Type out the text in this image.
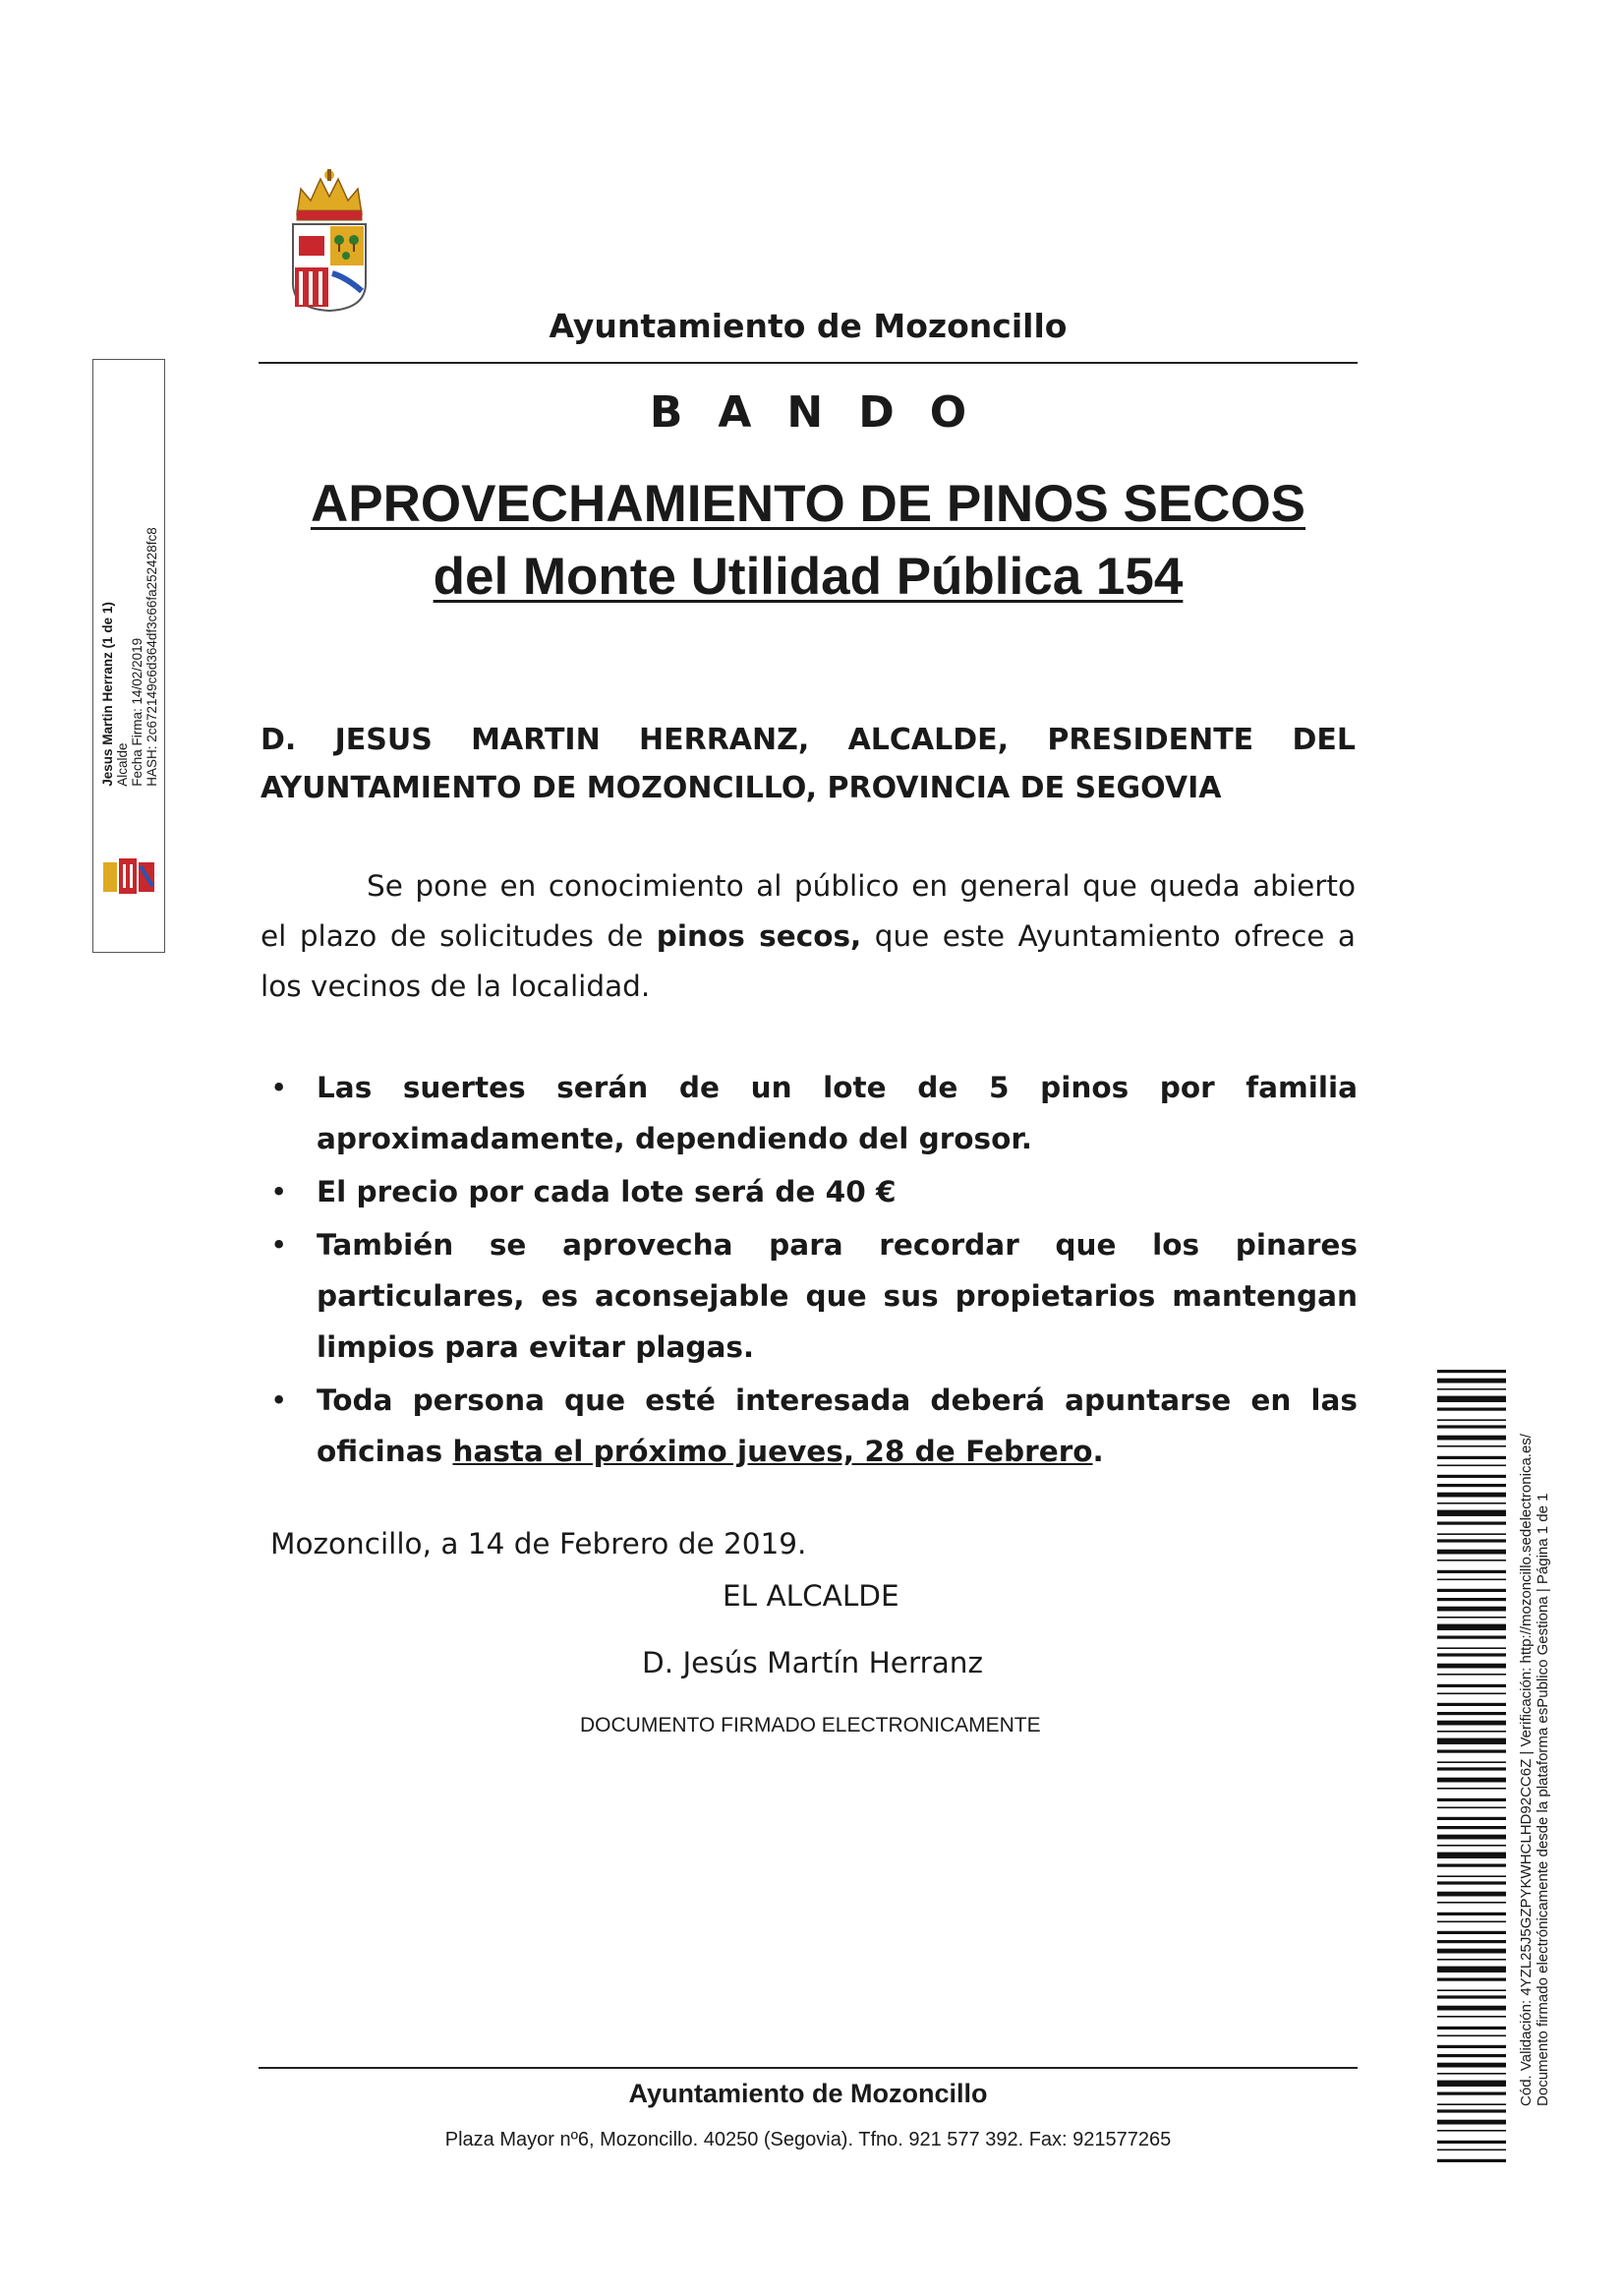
Ayuntamiento de Mozoncillo
BANDO
APROVECHAMIENTO DE PINOS SECOS
del Monte Utilidad Pública 154
D. JESUS MARTIN HERRANZ, ALCALDE, PRESIDENTE DEL
AYUNTAMIENTO DE MOZONCILLO, PROVINCIA DE SEGOVIA
Se pone en conocimiento al público en general que queda abierto el plazo de solicitudes de pinos secos, que este Ayuntamiento ofrece a los vecinos de la localidad.
• Las suertes serán de un lote de 5 pinos por familia aproximadamente, dependiendo del grosor.
• El precio por cada lote será de 40 €
• También se aprovecha para recordar que los pinares particulares, es aconsejable que sus propietarios mantengan limpios para evitar plagas.
• Toda persona que esté interesada deberá apuntarse en las oficinas hasta el próximo jueves, 28 de Febrero.
Mozoncillo, a 14 de Febrero de 2019.
EL ALCALDE
D. Jesús Martín Herranz
DOCUMENTO FIRMADO ELECTRONICAMENTE
Ayuntamiento de Mozoncillo
Plaza Mayor nº6, Mozoncillo. 40250 (Segovia). Tfno. 921 577 392. Fax: 921577265
Jesus Martin Herranz (1 de 1) Alcalde Fecha Firma: 14/02/2019 HASH: 2c672149c6d364df3c66fa252428fc8
Cód. Validación: 4YZL25J5GZPYKWHCLHD92CC6Z | Verificación: http://mozoncillo.sedelectronica.es/ Documento firmado electrónicamente desde la plataforma esPublico Gestiona | Página 1 de 1
